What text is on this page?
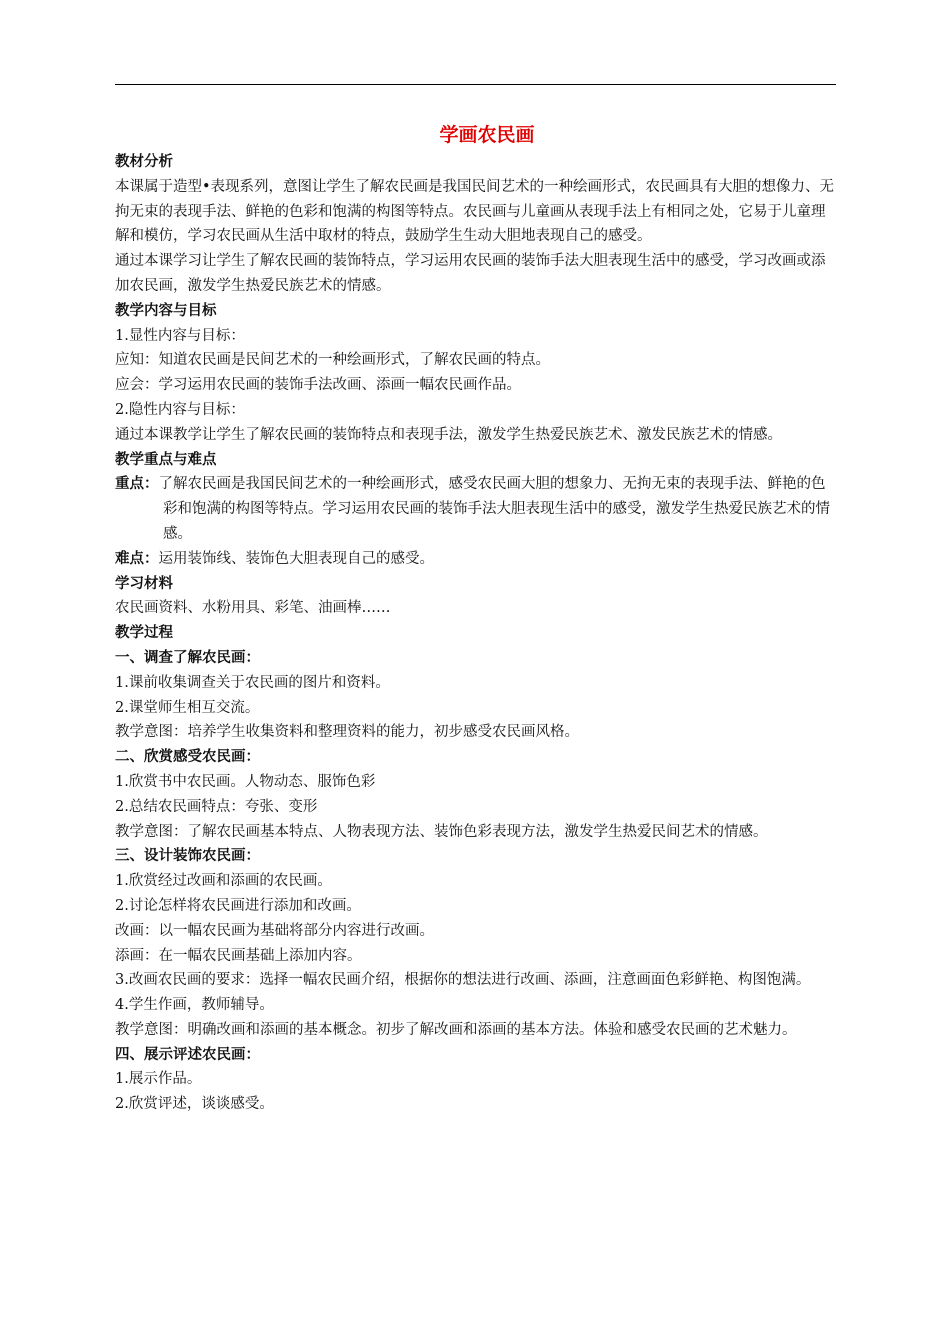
学画农民画

教材分析

本课属于造型•表现系列，意图让学生了解农民画是我国民间艺术的一种绘画形式，农民画具有大胆的想像力、无拘无束的表现手法、鲜艳的色彩和饱满的构图等特点。农民画与儿童画从表现手法上有相同之处，它易于儿童理解和模仿，学习农民画从生活中取材的特点，鼓励学生生动大胆地表现自己的感受。

通过本课学习让学生了解农民画的装饰特点，学习运用农民画的装饰手法大胆表现生活中的感受，学习改画或添加农民画，激发学生热爱民族艺术的情感。

教学内容与目标

1.显性内容与目标：

应知：知道农民画是民间艺术的一种绘画形式，了解农民画的特点。

应会：学习运用农民画的装饰手法改画、添画一幅农民画作品。

2.隐性内容与目标：

通过本课教学让学生了解农民画的装饰特点和表现手法，激发学生热爱民族艺术、激发民族艺术的情感。

教学重点与难点

重点：了解农民画是我国民间艺术的一种绘画形式，感受农民画大胆的想象力、无拘无束的表现手法、鲜艳的色彩和饱满的构图等特点。学习运用农民画的装饰手法大胆表现生活中的感受，激发学生热爱民族艺术的情感。

难点：运用装饰线、装饰色大胆表现自己的感受。

学习材料

农民画资料、水粉用具、彩笔、油画棒……

教学过程

一、调查了解农民画：

1.课前收集调查关于农民画的图片和资料。

2.课堂师生相互交流。

教学意图：培养学生收集资料和整理资料的能力，初步感受农民画风格。

二、欣赏感受农民画：

1.欣赏书中农民画。人物动态、服饰色彩

2.总结农民画特点：夸张、变形

教学意图：了解农民画基本特点、人物表现方法、装饰色彩表现方法，激发学生热爱民间艺术的情感。

三、设计装饰农民画：

1.欣赏经过改画和添画的农民画。

2.讨论怎样将农民画进行添加和改画。

改画：以一幅农民画为基础将部分内容进行改画。

添画：在一幅农民画基础上添加内容。

3.改画农民画的要求：选择一幅农民画介绍，根据你的想法进行改画、添画，注意画面色彩鲜艳、构图饱满。

4.学生作画，教师辅导。

教学意图：明确改画和添画的基本概念。初步了解改画和添画的基本方法。体验和感受农民画的艺术魅力。

四、展示评述农民画：

1.展示作品。

2.欣赏评述，谈谈感受。
